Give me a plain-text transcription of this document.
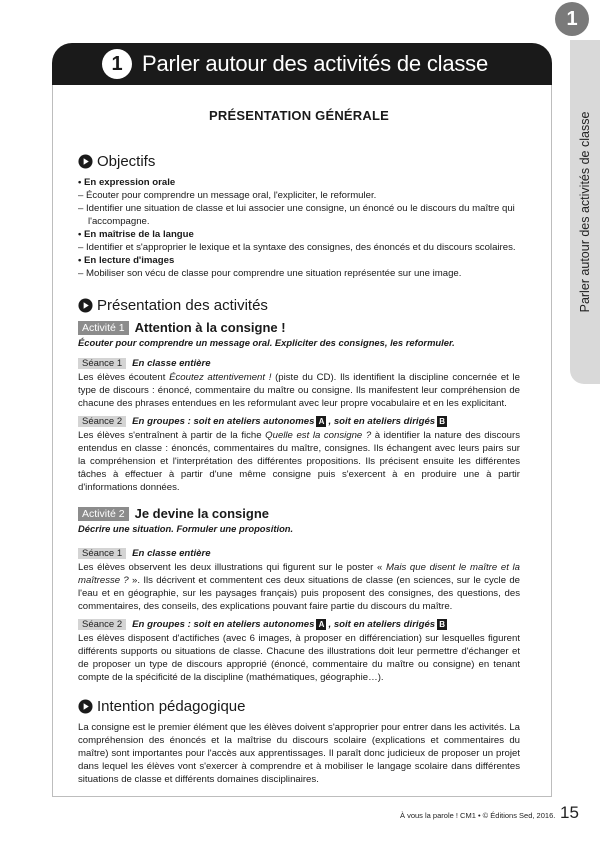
1
Parler autour des activités de classe
1 Parler autour des activités de classe
PRÉSENTATION GÉNÉRALE
Objectifs
• En expression orale
– Écouter pour comprendre un message oral, l'expliciter, le reformuler.
– Identifier une situation de classe et lui associer une consigne, un énoncé ou le discours du maître qui l'accompagne.
• En maîtrise de la langue
– Identifier et s'approprier le lexique et la syntaxe des consignes, des énoncés et du discours scolaires.
• En lecture d'images
– Mobiliser son vécu de classe pour comprendre une situation représentée sur une image.
Présentation des activités
Activité 1 Attention à la consigne !
Écouter pour comprendre un message oral. Expliciter des consignes, les reformuler.
Séance 1	En classe entière

Les élèves écoutent Écoutez attentivement ! (piste du CD). Ils identifient la discipline concernée et le type de discours : énoncé, commentaire du maître ou consigne. Ils manifestent leur compréhension de chacune des phrases entendues en les reformulant avec leur propre vocabulaire et en les explicitant.

Séance 2	En groupes : soit en ateliers autonomes A , soit en ateliers dirigés B

Les élèves s'entraînent à partir de la fiche Quelle est la consigne ? à identifier la nature des discours entendus en classe : énoncés, commentaires du maître, consignes. Ils échangent avec leurs pairs sur la compréhension et l'interprétation des différentes propositions. Ils précisent ensuite les différentes tâches à effectuer à partir d'une même consigne puis s'exercent à en produire une à partir d'informations données.

Activité 2 Je devine la consigne
Décrire une situation. Formuler une proposition.
Séance 1	En classe entière

Les élèves observent les deux illustrations qui figurent sur le poster « Mais que disent le maître et la maîtresse ? ». Ils décrivent et commentent ces deux situations de classe (en sciences, sur le cycle de l'eau et en géographie, sur les paysages français) puis proposent des consignes, des questions, des commentaires, des conseils, des explications pouvant faire partie du discours du maître.

Séance 2	En groupes : soit en ateliers autonomes A , soit en ateliers dirigés B

Les élèves disposent d'actifiches (avec 6 images, à proposer en différenciation) sur lesquelles figurent différents supports ou situations de classe. Chacune des illustrations doit leur permettre d'échanger et de proposer un type de discours approprié (énoncé, commentaire du maître ou consigne) en tenant compte de la spécificité de la discipline (mathématiques, géographie…).

Intention pédagogique

La consigne est le premier élément que les élèves doivent s'approprier pour entrer dans les activités. La compréhension des énoncés et la maîtrise du discours scolaire (explications et commentaires du maître) sont importantes pour l'accès aux apprentissages. Il paraît donc judicieux de proposer un projet dans lequel les élèves vont s'exercer à comprendre et à mobiliser le langage scolaire dans différentes situations de classe et différents domaines disciplinaires.

À vous la parole ! CM1 • © Éditions Sed, 2016. 15
